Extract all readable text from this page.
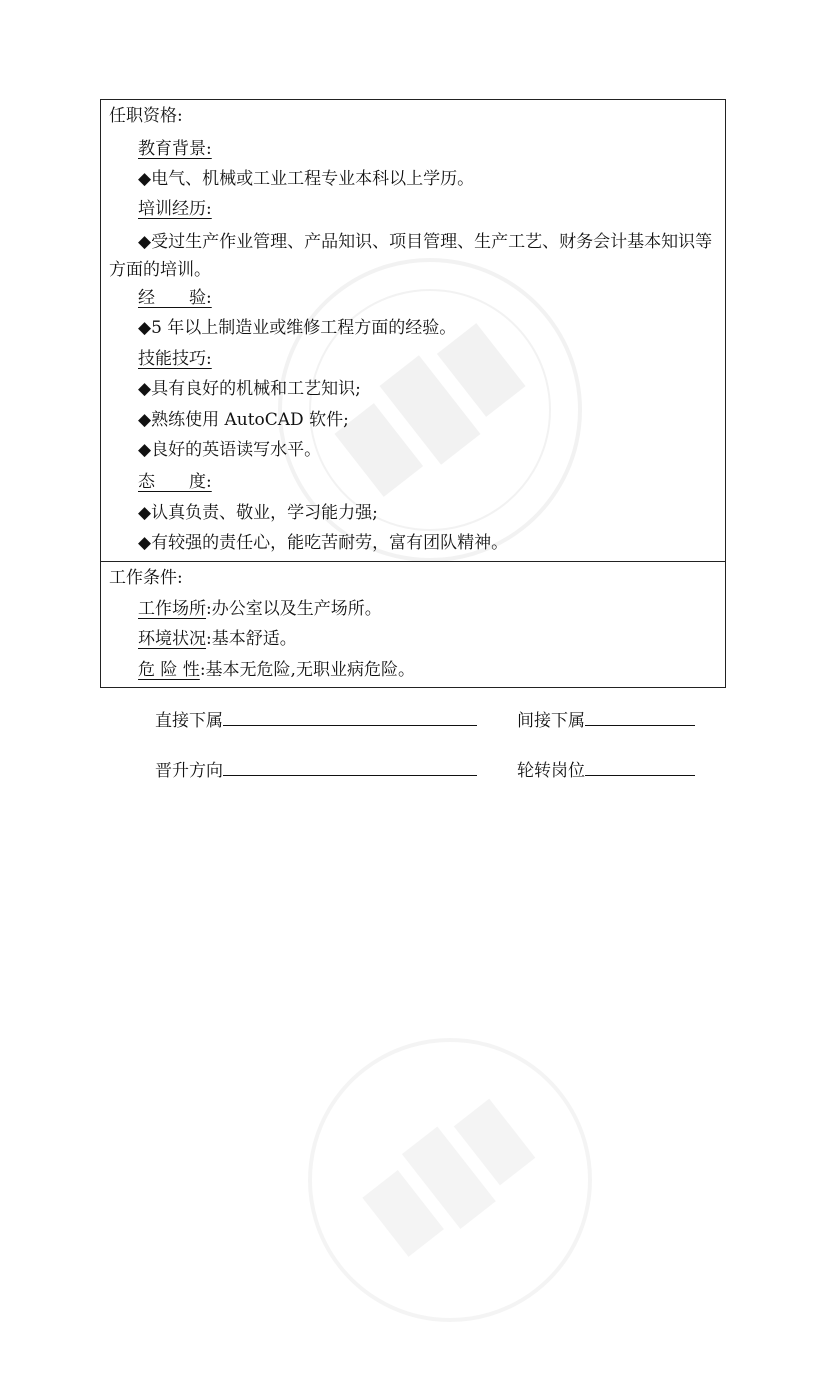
任职资格:
教育背景:
◆电气、机械或工业工程专业本科以上学历。
培训经历:
◆受过生产作业管理、产品知识、项目管理、生产工艺、财务会计基本知识等方面的培训。
经　　验:
◆5 年以上制造业或维修工程方面的经验。
技能技巧:
◆具有良好的机械和工艺知识;
◆熟练使用 AutoCAD 软件;
◆良好的英语读写水平。
态　　度:
◆认真负责、敬业，学习能力强;
◆有较强的责任心，能吃苦耐劳，富有团队精神。
工作条件:
工作场所:办公室以及生产场所。
环境状况:基本舒适。
危 险 性:基本无危险,无职业病危险。
直接下属	间接下属
晋升方向	轮转岗位
